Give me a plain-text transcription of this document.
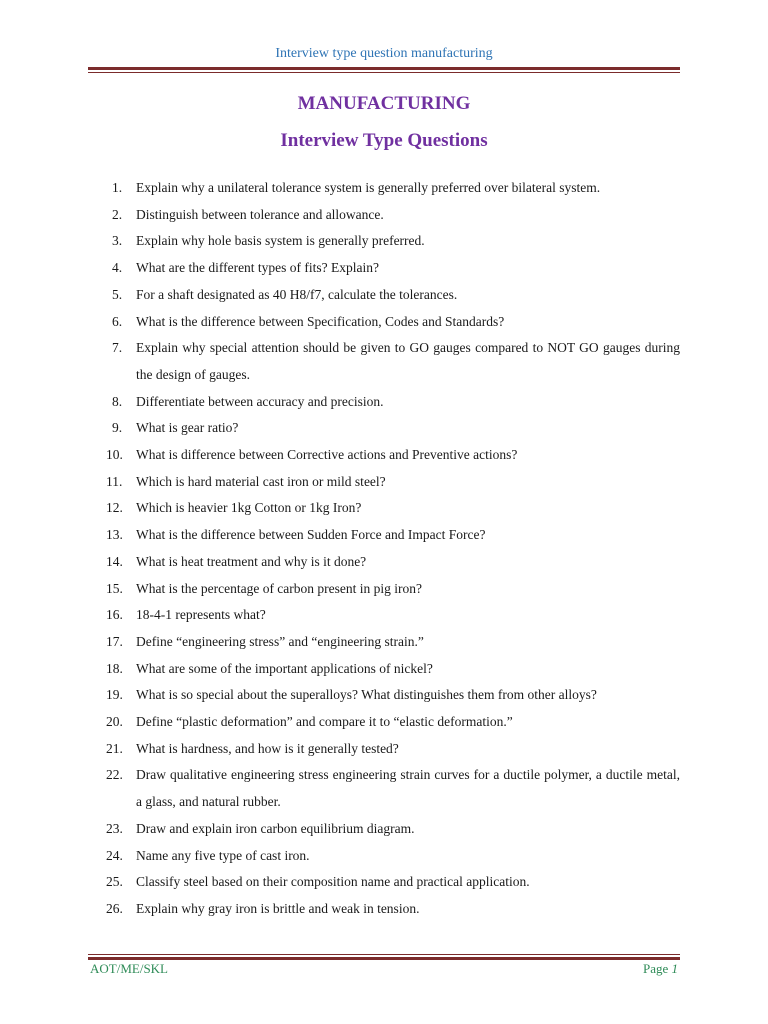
Interview type question manufacturing
MANUFACTURING
Interview Type Questions
1. Explain why a unilateral tolerance system is generally preferred over bilateral system.
2. Distinguish between tolerance and allowance.
3. Explain why hole basis system is generally preferred.
4. What are the different types of fits? Explain?
5. For a shaft designated as 40 H8/f7, calculate the tolerances.
6. What is the difference between Specification, Codes and Standards?
7. Explain why special attention should be given to GO gauges compared to NOT GO gauges during the design of gauges.
8. Differentiate between accuracy and precision.
9. What is gear ratio?
10. What is difference between Corrective actions and Preventive actions?
11. Which is hard material cast iron or mild steel?
12. Which is heavier 1kg Cotton or 1kg Iron?
13. What is the difference between Sudden Force and Impact Force?
14. What is heat treatment and why is it done?
15. What is the percentage of carbon present in pig iron?
16. 18-4-1 represents what?
17. Define “engineering stress” and “engineering strain.”
18. What are some of the important applications of nickel?
19. What is so special about the superalloys? What distinguishes them from other alloys?
20. Define “plastic deformation” and compare it to “elastic deformation.”
21. What is hardness, and how is it generally tested?
22. Draw qualitative engineering stress engineering strain curves for a ductile polymer, a ductile metal, a glass, and natural rubber.
23. Draw and explain iron carbon equilibrium diagram.
24. Name any five type of cast iron.
25. Classify steel based on their composition name and practical application.
26. Explain why gray iron is brittle and weak in tension.
AOT/ME/SKL	Page 1
